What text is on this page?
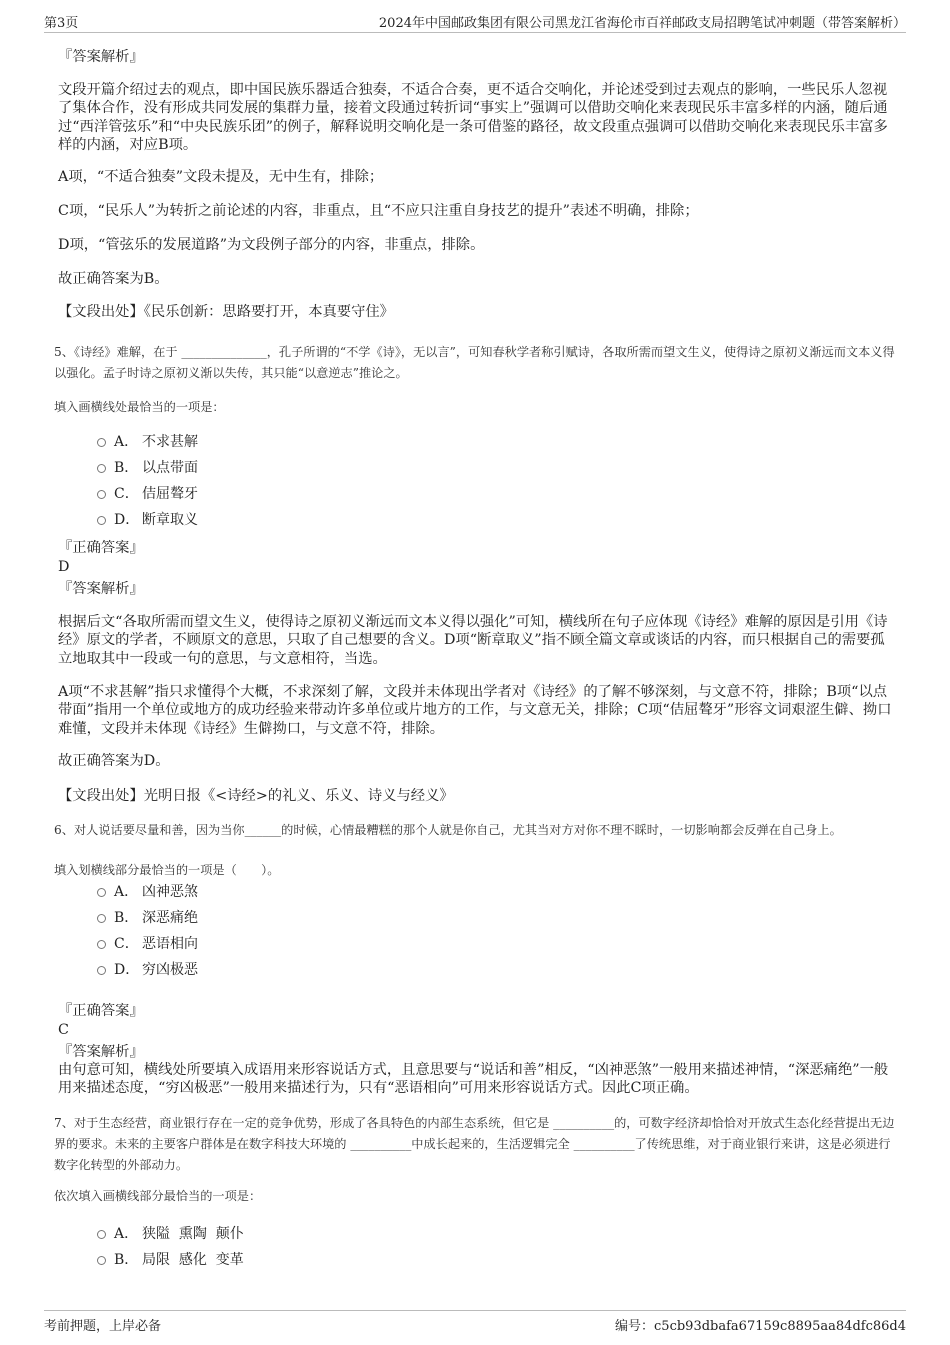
第3页	2024年中国邮政集团有限公司黑龙江省海伦市百祥邮政支局招聘笔试冲刺题（带答案解析）

『答案解析』

文段开篇介绍过去的观点，即中国民族乐器适合独奏，不适合合奏，更不适合交响化，并论述受到过去观点的影响，一些民乐人忽视了集体合作，没有形成共同发展的集群力量，接着文段通过转折词“事实上”强调可以借助交响化来表现民乐丰富多样的内涵，随后通过“西洋管弦乐”和“中央民族乐团”的例子，解释说明交响化是一条可借鉴的路径，故文段重点强调可以借助交响化来表现民乐丰富多样的内涵，对应B项。

A项，“不适合独奏”文段未提及，无中生有，排除；

C项，“民乐人”为转折之前论述的内容，非重点，且“不应只注重自身技艺的提升”表述不明确，排除；

D项，“管弦乐的发展道路”为文段例子部分的内容，非重点，排除。

故正确答案为B。

【文段出处】《民乐创新：思路要打开，本真要守住》

5、《诗经》难解，在于 ______________，孔子所谓的“不学《诗》，无以言”，可知春秋学者称引赋诗，各取所需而望文生义，使得诗之原初义渐远而文本义得以强化。孟子时诗之原初义渐以失传，其只能“以意逆志”推论之。

填入画横线处最恰当的一项是：

A． 不求甚解
B． 以点带面
C． 佶屈聱牙
D． 断章取义

『正确答案』

D

『答案解析』

根据后文“各取所需而望文生义，使得诗之原初义渐远而文本义得以强化”可知，横线所在句子应体现《诗经》难解的原因是引用《诗经》原文的学者，不顾原文的意思，只取了自己想要的含义。D项“断章取义”指不顾全篇文章或谈话的内容，而只根据自己的需要孤立地取其中一段或一句的意思，与文意相符，当选。

A项“不求甚解”指只求懂得个大概，不求深刻了解，文段并未体现出学者对《诗经》的了解不够深刻，与文意不符，排除；B项“以点带面”指用一个单位或地方的成功经验来带动许多单位或片地方的工作，与文意无关，排除；C项“佶屈聱牙”形容文词艰涩生僻、拗口难懂，文段并未体现《诗经》生僻拗口，与文意不符，排除。

故正确答案为D。

【文段出处】光明日报《<诗经>的礼义、乐义、诗义与经义》

6、对人说话要尽量和善，因为当你______的时候，心情最糟糕的那个人就是你自己，尤其当对方对你不理不睬时，一切影响都会反弹在自己身上。

填入划横线部分最恰当的一项是（　　）。

A． 凶神恶煞
B． 深恶痛绝
C． 恶语相向
D． 穷凶极恶

『正确答案』

C

『答案解析』

由句意可知，横线处所要填入成语用来形容说话方式，且意思要与“说话和善”相反，“凶神恶煞”一般用来描述神情，“深恶痛绝”一般用来描述态度，“穷凶极恶”一般用来描述行为，只有“恶语相向”可用来形容说话方式。因此C项正确。

7、对于生态经营，商业银行存在一定的竞争优势，形成了各具特色的内部生态系统，但它是 __________的，可数字经济却恰恰对开放式生态化经营提出无边界的要求。未来的主要客户群体是在数字科技大环境的 __________中成长起来的，生活逻辑完全 __________了传统思维，对于商业银行来讲，这是必须进行数字化转型的外部动力。

依次填入画横线部分最恰当的一项是：

A． 狭隘  熏陶  颠仆
B． 局限  感化  变革
考前押题，上岸必备	编号：c5cb93dbafa67159c8895aa84dfc86d4
